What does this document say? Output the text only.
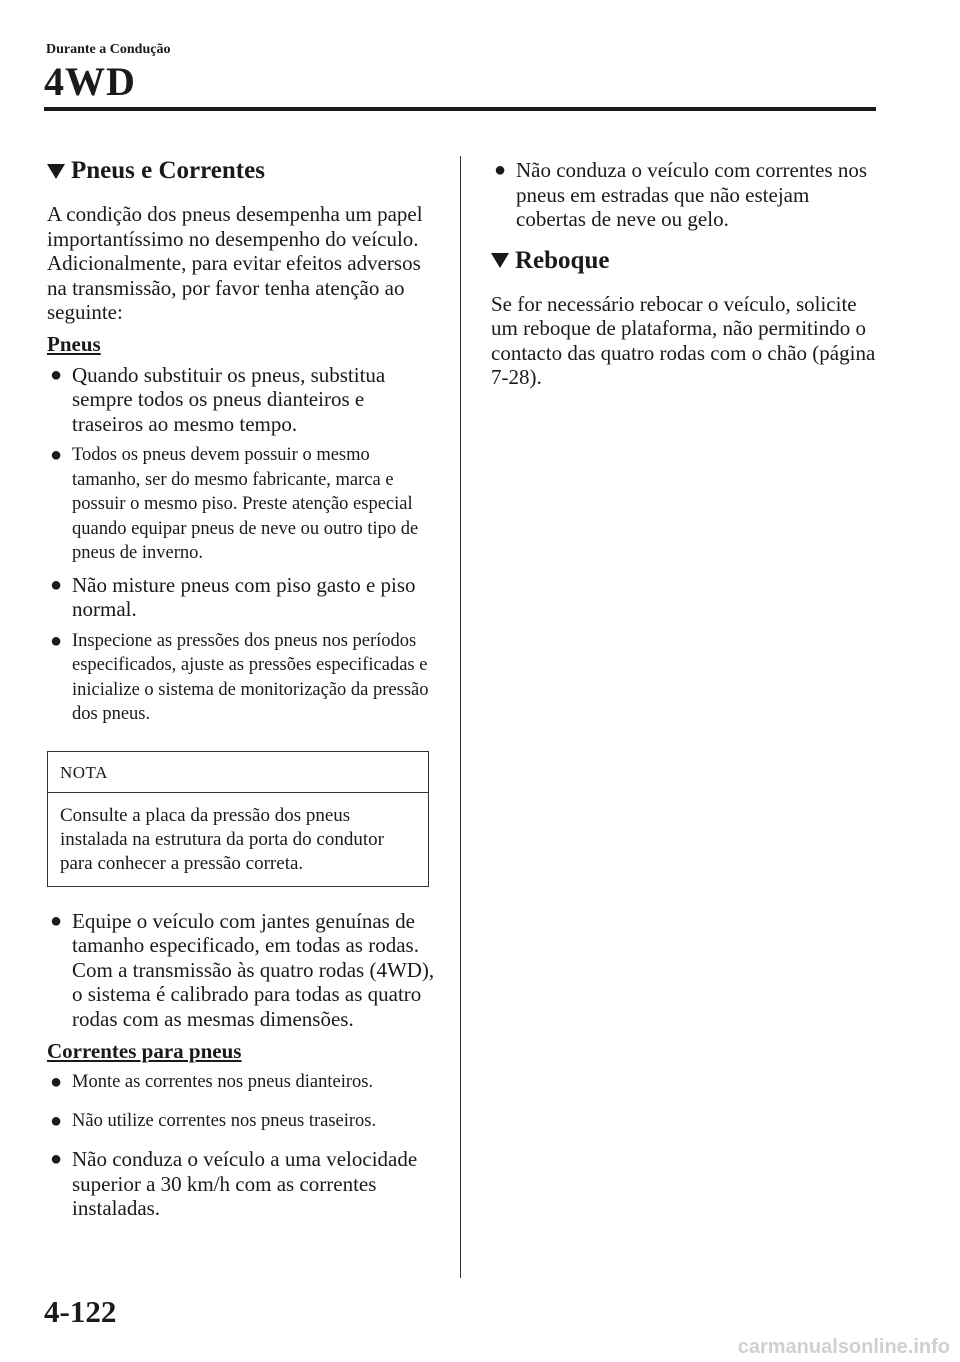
Durante a Condução
4WD
Pneus e Correntes

A condição dos pneus desempenha um papel importantíssimo no desempenho do veículo. Adicionalmente, para evitar efeitos adversos na transmissão, por favor tenha atenção ao seguinte:

Pneus
● Quando substituir os pneus, substitua sempre todos os pneus dianteiros e traseiros ao mesmo tempo.
● Todos os pneus devem possuir o mesmo tamanho, ser do mesmo fabricante, marca e possuir o mesmo piso. Preste atenção especial quando equipar pneus de neve ou outro tipo de pneus de inverno.
● Não misture pneus com piso gasto e piso normal.
● Inspecione as pressões dos pneus nos períodos especificados, ajuste as pressões especificadas e inicialize o sistema de monitorização da pressão dos pneus.
NOTA
Consulte a placa da pressão dos pneus instalada na estrutura da porta do condutor para conhecer a pressão correta.
● Equipe o veículo com jantes genuínas de tamanho especificado, em todas as rodas. Com a transmissão às quatro rodas (4WD), o sistema é calibrado para todas as quatro rodas com as mesmas dimensões.
Correntes para pneus
● Monte as correntes nos pneus dianteiros.
● Não utilize correntes nos pneus traseiros.
● Não conduza o veículo a uma velocidade superior a 30 km/h com as correntes instaladas.
● Não conduza o veículo com correntes nos pneus em estradas que não estejam cobertas de neve ou gelo.
Reboque

Se for necessário rebocar o veículo, solicite um reboque de plataforma, não permitindo o contacto das quatro rodas com o chão (página 7-28).

4-122
carmanualsonline.info
